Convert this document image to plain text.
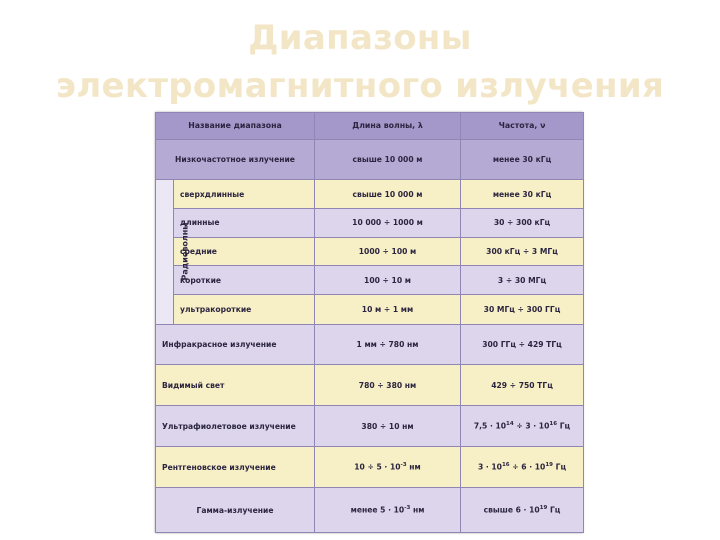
Диапазоны
электромагнитного излучения
Название диапазона		Длина волны, λ	Частота, ν
Низкочастотное излучение		свыше 10 000 м	менее 30 кГц
Радиоволны	сверхдлинные	свыше 10 000 м	менее 30 кГц
	длинные	10 000 ÷ 1000 м	30 ÷ 300 кГц
	средние	1000 ÷ 100 м	300 кГц ÷ 3 МГц
	короткие	100 ÷ 10 м	3 ÷ 30 МГц
	ультракороткие	10 м ÷ 1 мм	30 МГц ÷ 300 ГГц
Инфракрасное излучение		1 мм ÷ 780 нм	300 ГГц ÷ 429 ТГц
Видимый свет		780 ÷ 380 нм	429 ÷ 750 ТГц
Ультрафиолетовое излучение		380 ÷ 10 нм	$7,5 \cdot 10^{14} \div 3 \cdot 10^{16}$ Гц
Рентгеновское излучение		$10 \div 5 \cdot 10^{-3}$ нм	$3 \cdot 10^{16} \div 6 \cdot 10^{19}$ Гц
Гамма-излучение		менее $5 \cdot 10^{-3}$ нм	свыше $6 \cdot 10^{19}$ Гц
